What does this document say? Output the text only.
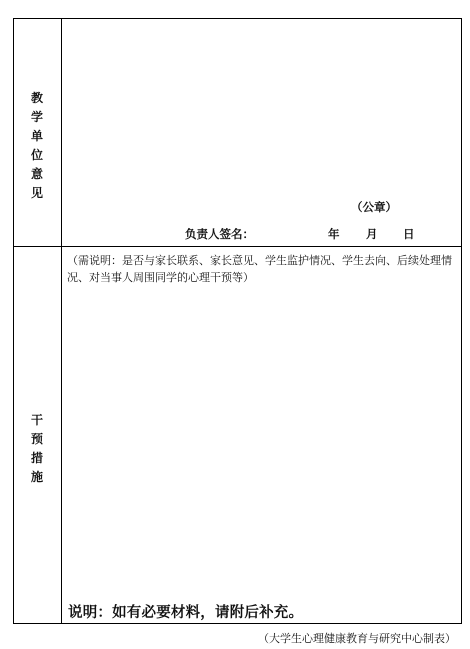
教
学
单
位
意
见
（公章）
负责人签名：	年 月 日
干
预
措
施
（需说明：是否与家长联系、家长意见、学生监护情况、学生去向、后续处理情况、对当事人周围同学的心理干预等）
说明：如有必要材料，请附后补充。
（大学生心理健康教育与研究中心制表）
